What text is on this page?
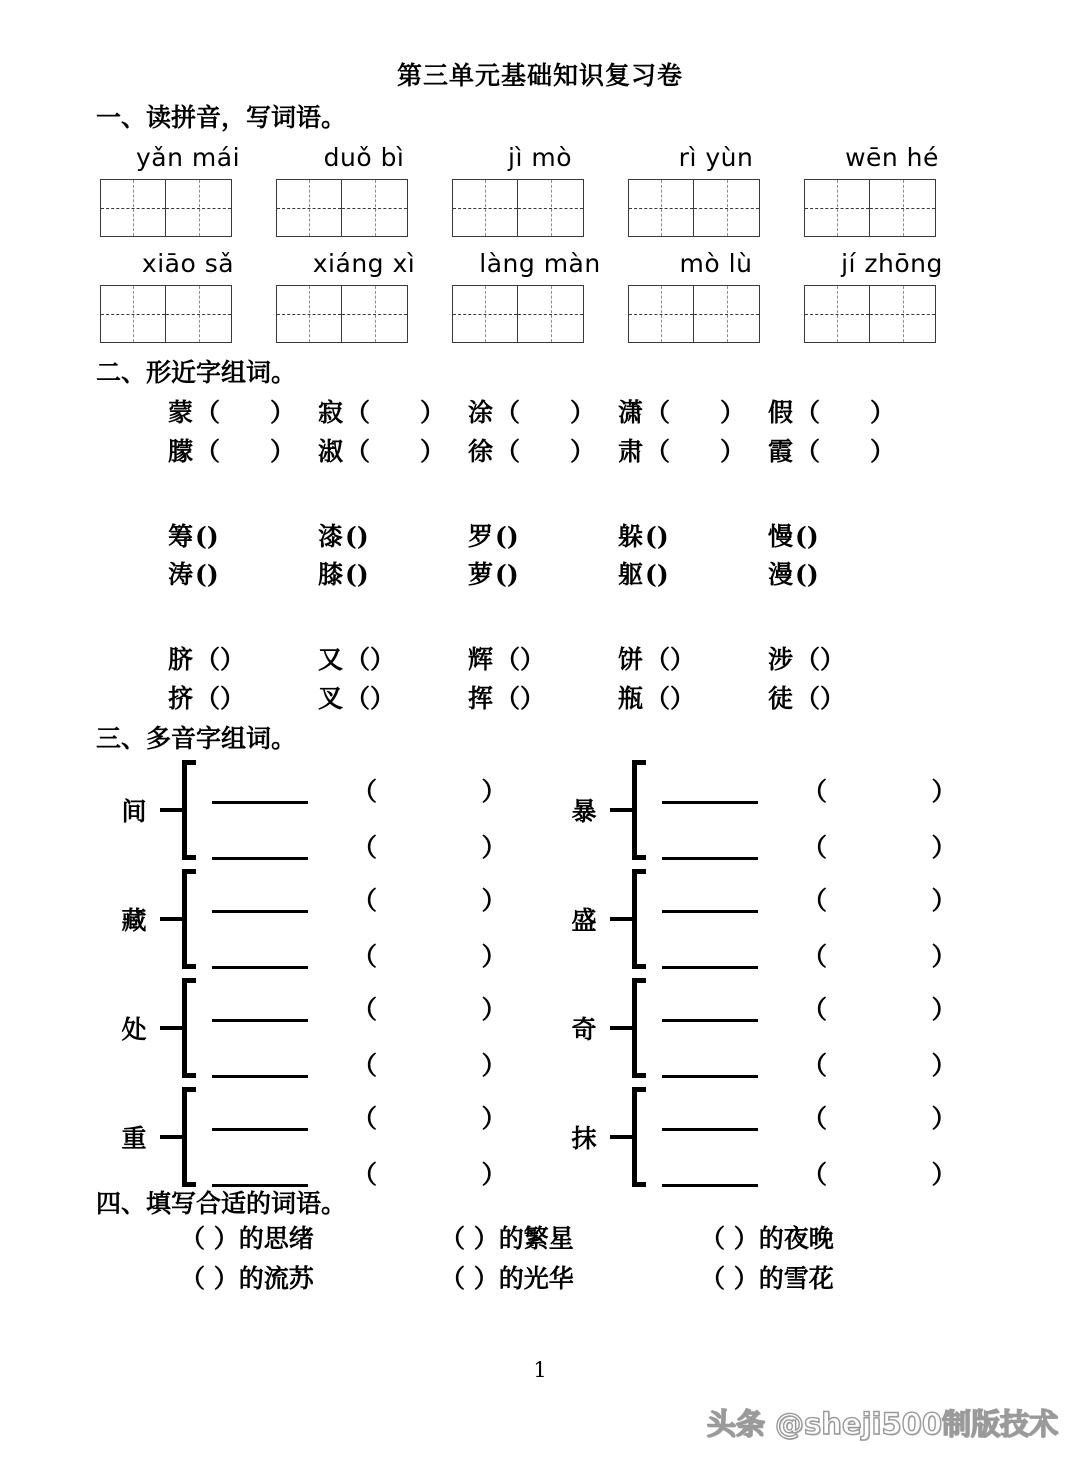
第三单元基础知识复习卷
一、读拼音，写词语。
yǎn mái	duǒ bì	jì mò	rì yùn	wēn hé
xiāo sǎ	xiáng xì	làng màn	mò lù	jí zhōng
二、形近字组词。
蒙 （ ） 寂 （ ） 涂 （ ） 潇 （ ） 假 （ ）
朦 （ ） 淑 （ ） 徐 （ ） 肃 （ ） 霞 （ ）
筹 ( )	漆 ( )	罗 ( )	躲 ( )	慢 ( )
涛 ( )	膝 ( )	萝 ( )	躯 ( )	漫 ( )
脐 （ ）	又 （ ）	辉 （ ）	饼 （ ）	涉 （ ）
挤 （ ）	叉 （ ）	挥 （ ）	瓶 （ ）	徒 （ ）
三、多音字组词。
间
（            ）
（            ）
暴
（            ）
（            ）
藏
（            ）
（            ）
盛
（            ）
（            ）
处
（            ）
（            ）
奇
（            ）
（            ）
重
（            ）
（            ）
抹
（            ）
（            ）
四、填写合适的词语。
（ ）的思绪	（ ）的繁星	（ ）的夜晚
（ ）的流苏	（ ）的光华	（ ）的雪花
1
头条 @sheji500制版技术
